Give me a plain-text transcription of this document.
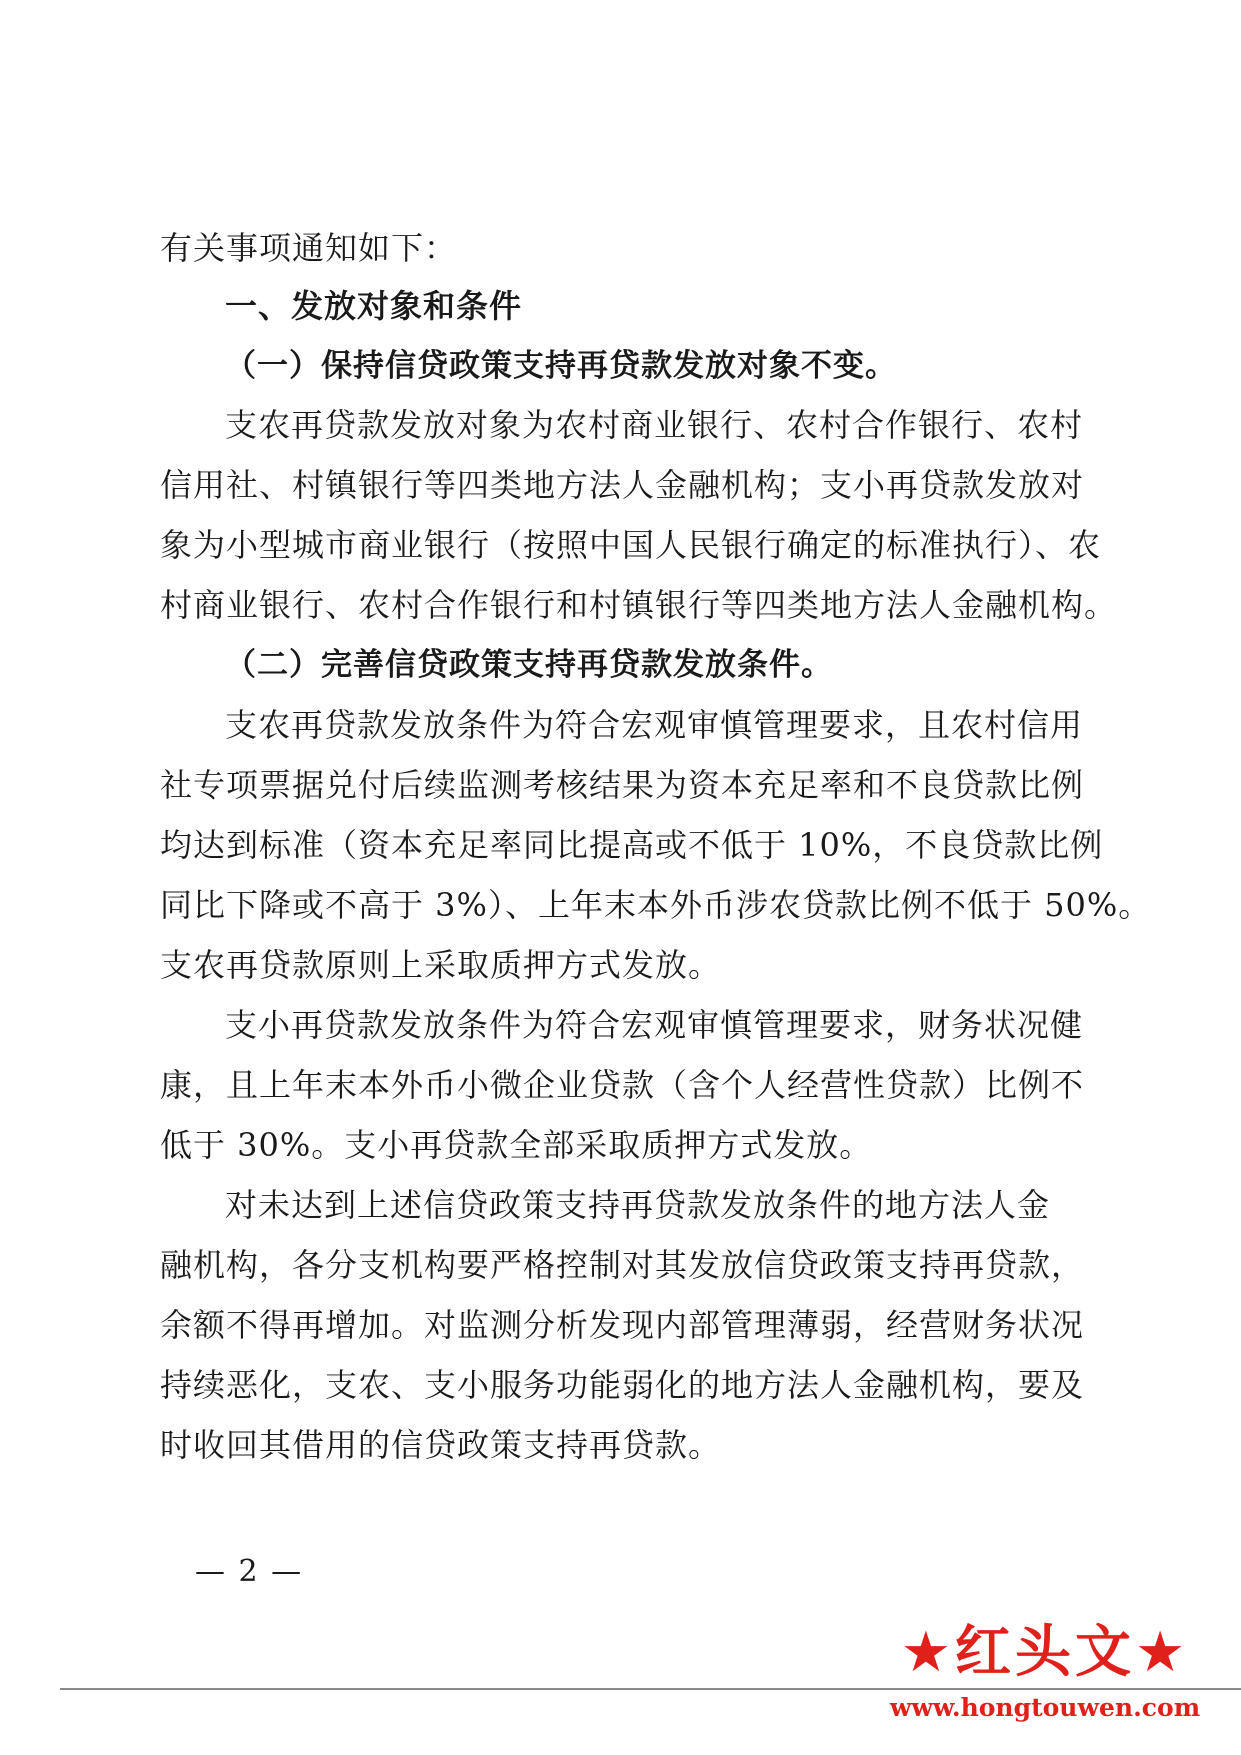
有关事项通知如下：
一、发放对象和条件
（一）保持信贷政策支持再贷款发放对象不变。
支农再贷款发放对象为农村商业银行、农村合作银行、农村
信用社、村镇银行等四类地方法人金融机构；支小再贷款发放对
象为小型城市商业银行（按照中国人民银行确定的标准执行）、农
村商业银行、农村合作银行和村镇银行等四类地方法人金融机构。
（二）完善信贷政策支持再贷款发放条件。
支农再贷款发放条件为符合宏观审慎管理要求，且农村信用
社专项票据兑付后续监测考核结果为资本充足率和不良贷款比例
均达到标准（资本充足率同比提高或不低于 10%，不良贷款比例
同比下降或不高于 3%）、上年末本外币涉农贷款比例不低于 50%。
支农再贷款原则上采取质押方式发放。
支小再贷款发放条件为符合宏观审慎管理要求，财务状况健
康，且上年末本外币小微企业贷款（含个人经营性贷款）比例不
低于 30%。支小再贷款全部采取质押方式发放。
对未达到上述信贷政策支持再贷款发放条件的地方法人金
融机构，各分支机构要严格控制对其发放信贷政策支持再贷款，
余额不得再增加。对监测分析发现内部管理薄弱，经营财务状况
持续恶化，支农、支小服务功能弱化的地方法人金融机构，要及
时收回其借用的信贷政策支持再贷款。
— 2 —
★红头文★
www.hongtouwen.com
